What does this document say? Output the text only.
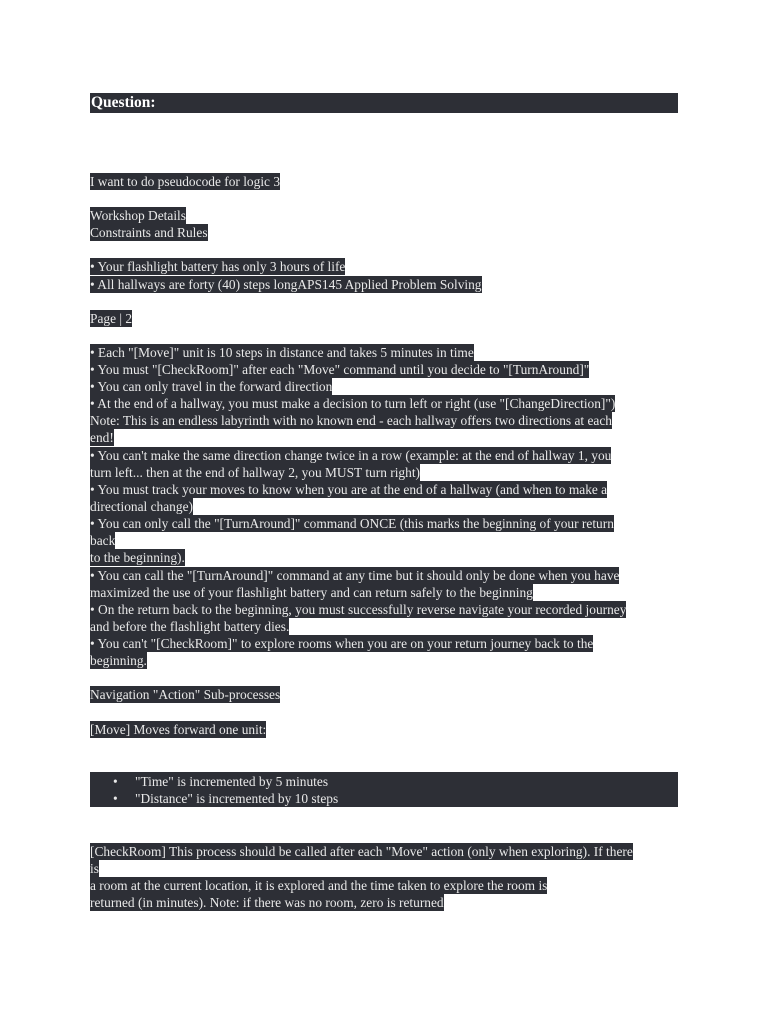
Question:
I want to do pseudocode for logic 3
Workshop Details
Constraints and Rules
• Your flashlight battery has only 3 hours of life
• All hallways are forty (40) steps longAPS145 Applied Problem Solving
Page | 2
• Each "[Move]" unit is 10 steps in distance and takes 5 minutes in time
• You must "[CheckRoom]" after each "Move" command until you decide to "[TurnAround]"
• You can only travel in the forward direction
• At the end of a hallway, you must make a decision to turn left or right (use "[ChangeDirection]")
Note: This is an endless labyrinth with no known end - each hallway offers two directions at each
end!
• You can't make the same direction change twice in a row (example: at the end of hallway 1, you
turn left... then at the end of hallway 2, you MUST turn right)
• You must track your moves to know when you are at the end of a hallway (and when to make a
directional change)
• You can only call the "[TurnAround]" command ONCE (this marks the beginning of your return
back
to the beginning).
• You can call the "[TurnAround]" command at any time but it should only be done when you have
maximized the use of your flashlight battery and can return safely to the beginning
• On the return back to the beginning, you must successfully reverse navigate your recorded journey
and before the flashlight battery dies.
• You can't "[CheckRoom]" to explore rooms when you are on your return journey back to the
beginning.
Navigation "Action" Sub-processes
[Move] Moves forward one unit:
•	"Time" is incremented by 5 minutes
•	"Distance" is incremented by 10 steps
[CheckRoom] This process should be called after each "Move" action (only when exploring). If there
is
a room at the current location, it is explored and the time taken to explore the room is
returned (in minutes). Note: if there was no room, zero is returned
